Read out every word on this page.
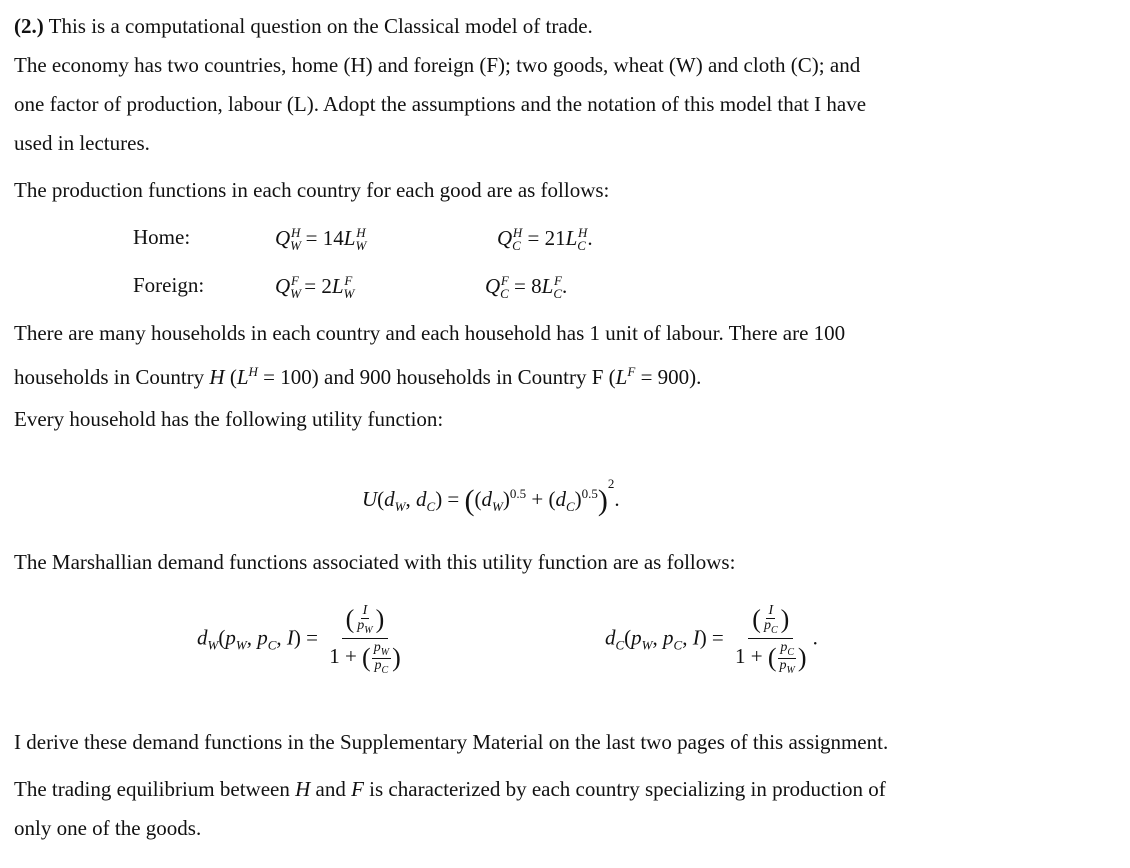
(2.) This is a computational question on the Classical model of trade.
The economy has two countries, home (H) and foreign (F); two goods, wheat (W) and cloth (C); and
one factor of production, labour (L). Adopt the assumptions and the notation of this model that I have
used in lectures.
The production functions in each country for each good are as follows:
Home:	$Q_W^H = 14L_W^H$	$Q_C^H = 21L_C^H$.
Foreign:	$Q_W^F = 2L_W^F$	$Q_C^F = 8L_C^F$.
There are many households in each country and each household has 1 unit of labour. There are 100
households in Country H $(L^H = 100)$ and 900 households in Country F $(L^F = 900)$.
Every household has the following utility function:
$U(d_W$, $d_C) = ((d_W)^{0.5} + (d_C)^{0.5})^2$.
The Marshallian demand functions associated with this utility function are as follows:
$d_W(p_W$, $p_C$, $I) = \frac{( \frac{I}{p_W} )}{1 + ( \frac{p_W}{p_C} )}$	$d_C(p_W$, $p_C$, $I) = \frac{( \frac{I}{p_C} )}{1 + ( \frac{p_C}{p_W} )}$ .
I derive these demand functions in the Supplementary Material on the last two pages of this assignment.
The trading equilibrium between H and F is characterized by each country specializing in production of
only one of the goods.
